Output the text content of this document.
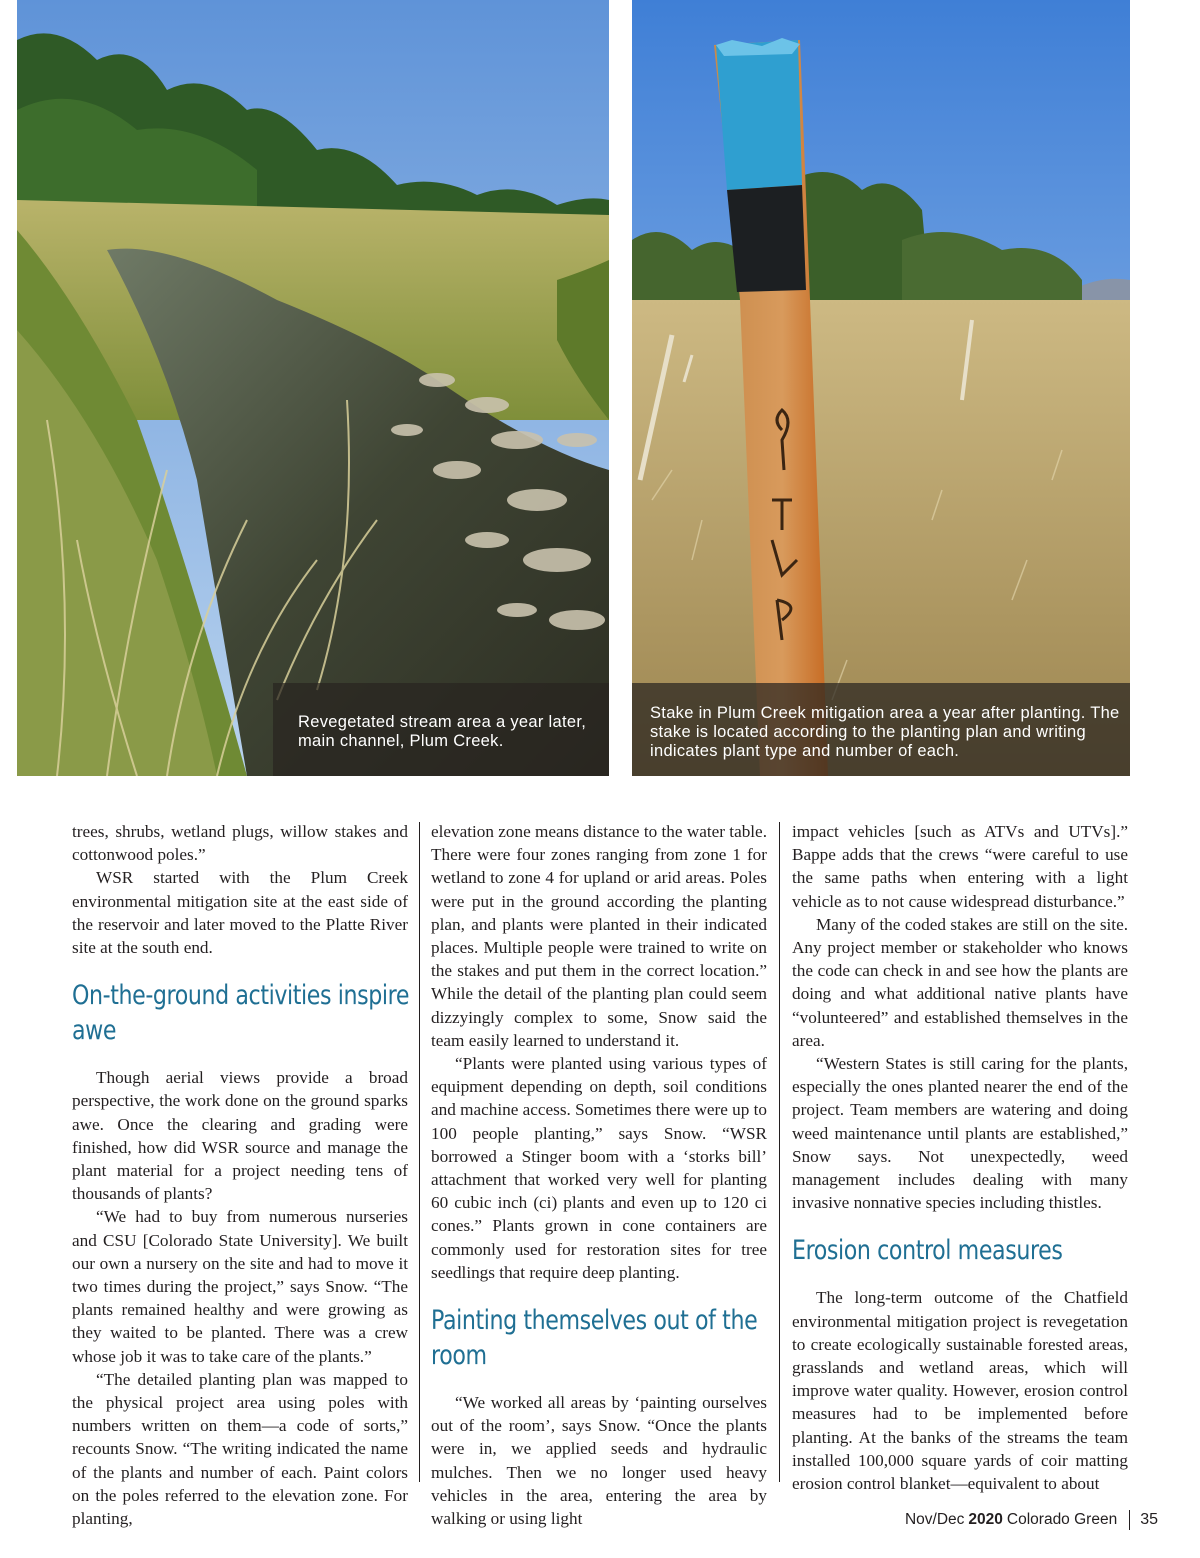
Revegetated stream area a year later, main channel, Plum Creek.
Stake in Plum Creek mitigation area a year after planting. The stake is located according to the planting plan and writing indicates plant type and number of each.

trees, shrubs, wetland plugs, willow stakes and cottonwood poles.”

WSR started with the Plum Creek environmental mitigation site at the east side of the reservoir and later moved to the Platte River site at the south end.

On-the-ground activities inspire awe

Though aerial views provide a broad perspective, the work done on the ground sparks awe. Once the clearing and grading were finished, how did WSR source and manage the plant material for a project needing tens of thousands of plants?

“We had to buy from numerous nurseries and CSU [Colorado State University]. We built our own a nursery on the site and had to move it two times during the project,” says Snow. “The plants remained healthy and were growing as they waited to be planted. There was a crew whose job it was to take care of the plants.”

“The detailed planting plan was mapped to the physical project area using poles with numbers written on them—a code of sorts,” recounts Snow. “The writing indicated the name of the plants and number of each. Paint colors on the poles referred to the elevation zone. For planting,

elevation zone means distance to the water table. There were four zones ranging from zone 1 for wetland to zone 4 for upland or arid areas. Poles were put in the ground according the planting plan, and plants were planted in their indicated places. Multiple people were trained to write on the stakes and put them in the correct location.” While the detail of the planting plan could seem dizzyingly complex to some, Snow said the team easily learned to understand it.

“Plants were planted using various types of equipment depending on depth, soil conditions and machine access. Sometimes there were up to 100 people planting,” says Snow. “WSR borrowed a Stinger boom with a ‘storks bill’ attachment that worked very well for planting 60 cubic inch (ci) plants and even up to 120 ci cones.” Plants grown in cone containers are commonly used for restoration sites for tree seedlings that require deep planting.

Painting themselves out of the room

“We worked all areas by ‘painting ourselves out of the room’, says Snow. “Once the plants were in, we applied seeds and hydraulic mulches. Then we no longer used heavy vehicles in the area, entering the area by walking or using light

impact vehicles [such as ATVs and UTVs].” Bappe adds that the crews “were careful to use the same paths when entering with a light vehicle as to not cause widespread disturbance.”

Many of the coded stakes are still on the site. Any project member or stakeholder who knows the code can check in and see how the plants are doing and what additional native plants have “volunteered” and established themselves in the area.

“Western States is still caring for the plants, especially the ones planted nearer the end of the project. Team members are watering and doing weed maintenance until plants are established,” Snow says. Not unexpectedly, weed management includes dealing with many invasive nonnative species including thistles.

Erosion control measures

The long-term outcome of the Chatfield environmental mitigation project is revegetation to create ecologically sustainable forested areas, grasslands and wetland areas, which will improve water quality. However, erosion control measures had to be implemented before planting. At the banks of the streams the team installed 100,000 square yards of coir matting erosion control blanket—equivalent to about

Nov/Dec 2020 Colorado Green 35
